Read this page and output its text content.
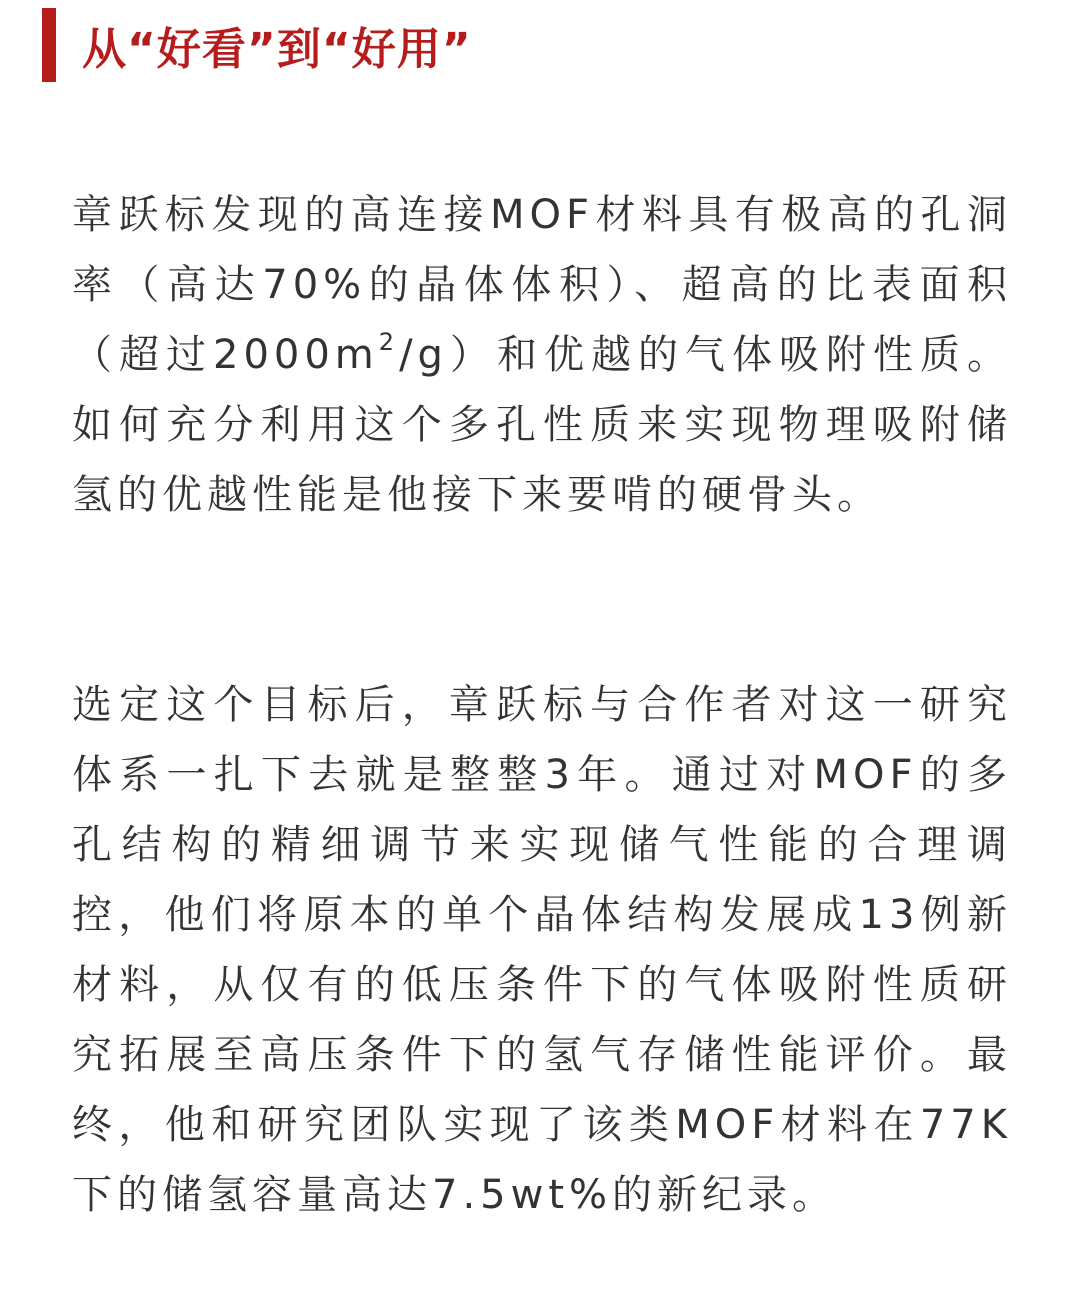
从“好看”到“好用”

章跃标发现的高连接MOF材料具有极高的孔洞率（高达70%的晶体体积）、超高的比表面积（超过$2000m^2/g$）和优越的气体吸附性质。如何充分利用这个多孔性质来实现物理吸附储氢的优越性能是他接下来要啃的硬骨头。

选定这个目标后，章跃标与合作者对这一研究体系一扎下去就是整整3年。通过对MOF的多孔结构的精细调节来实现储气性能的合理调控，他们将原本的单个晶体结构发展成13例新材料，从仅有的低压条件下的气体吸附性质研究拓展至高压条件下的氢气存储性能评价。最终，他和研究团队实现了该类MOF材料在77K下的储氢容量高达7.5wt%的新纪录。
